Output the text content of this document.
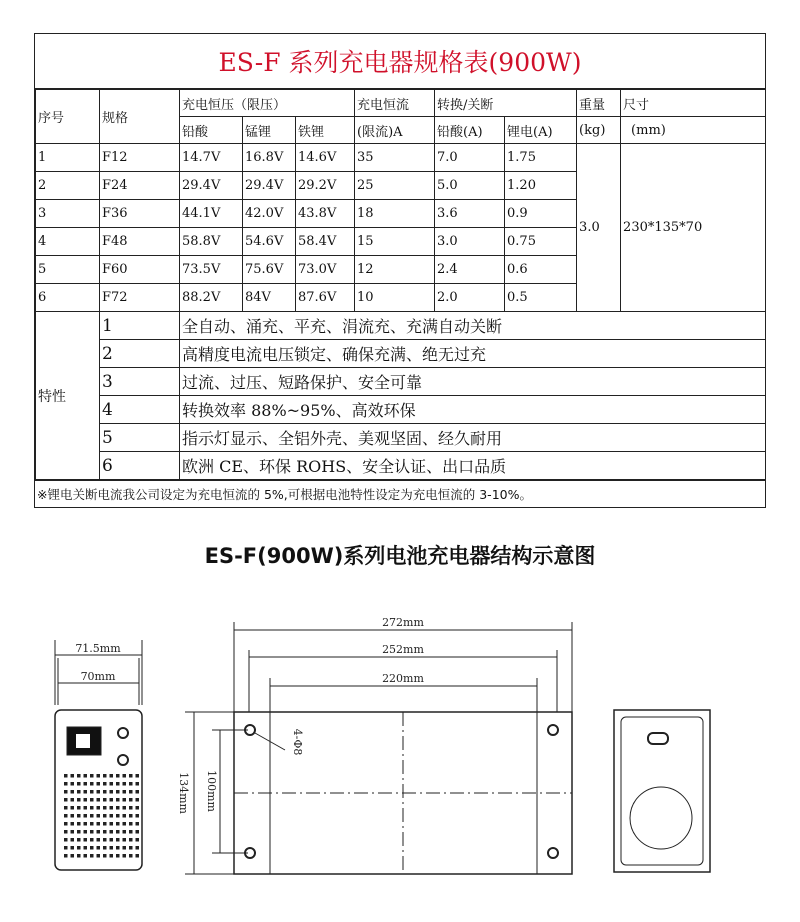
ES-F 系列充电器规格表(900W)
序号	规格	充电恒压（限压）			充电恒流	转换/关断		重量	尺寸
		铅酸	锰锂	铁锂	(限流)A	铅酸(A)	锂电(A)	(kg)	(mm)
1	F12	14.7V	16.8V	14.6V	35	7.0	1.75	3.0	230*135*70
2	F24	29.4V	29.4V	29.2V	25	5.0	1.20		
3	F36	44.1V	42.0V	43.8V	18	3.6	0.9		
4	F48	58.8V	54.6V	58.4V	15	3.0	0.75		
5	F60	73.5V	75.6V	73.0V	12	2.4	0.6		
6	F72	88.2V	84V	87.6V	10	2.0	0.5		
特性	1	全自动、涌充、平充、涓流充、充满自动关断							
	2	高精度电流电压锁定、确保充满、绝无过充							
	3	过流、过压、短路保护、安全可靠							
	4	转换效率 88%~95%、高效环保							
	5	指示灯显示、全铝外壳、美观坚固、经久耐用							
	6	欧洲 CE、环保 ROHS、安全认证、出口品质							
※锂电关断电流我公司设定为充电恒流的 5%,可根据电池特性设定为充电恒流的 3-10%。
ES-F(900W)系列电池充电器结构示意图
71.5mm
70mm
272mm
252mm
220mm
134mm 100mm
4-Φ8
